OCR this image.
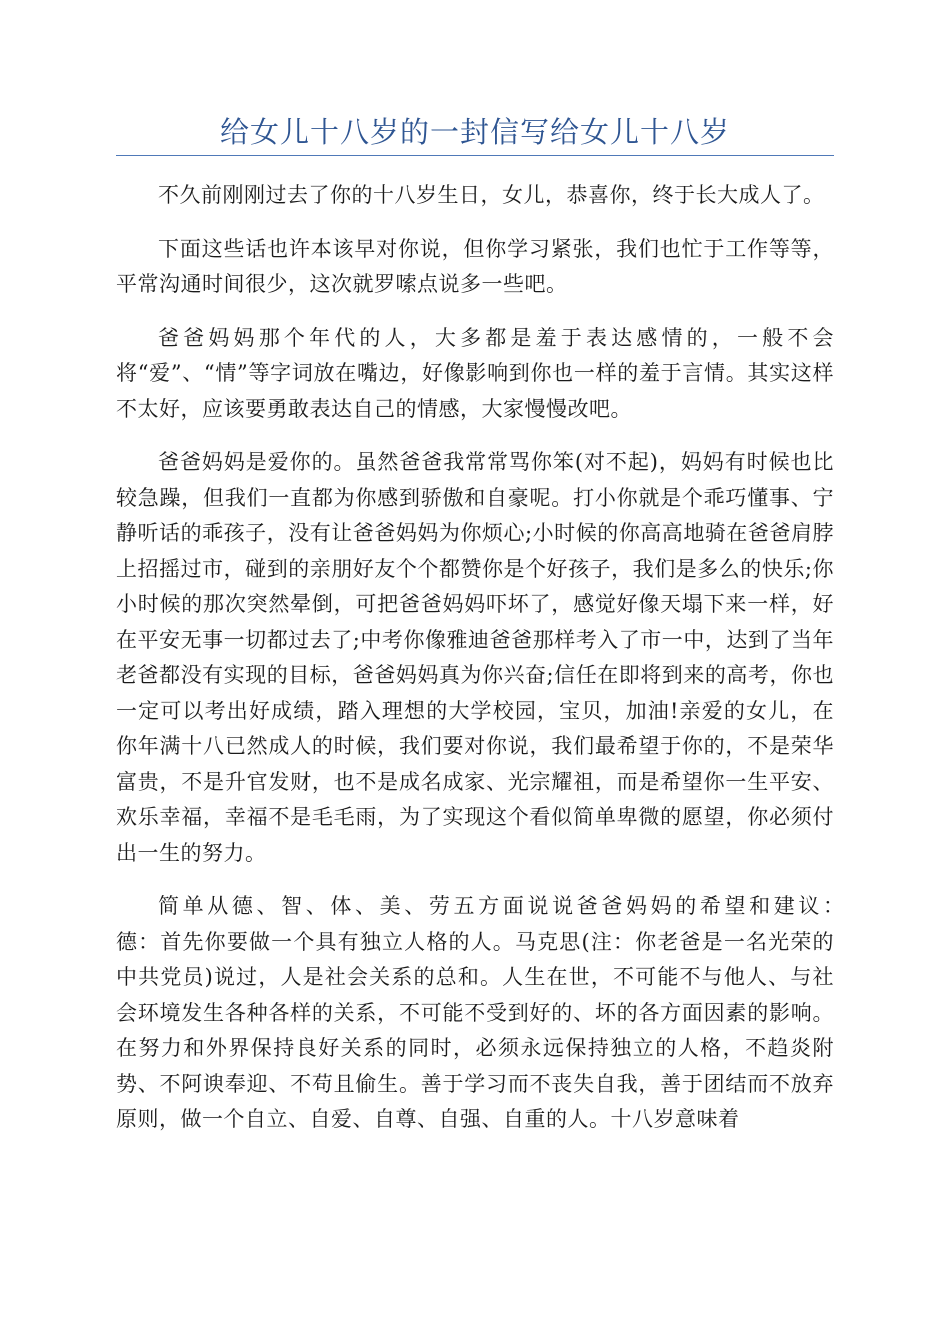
给女儿十八岁的一封信写给女儿十八岁

不久前刚刚过去了你的十八岁生日，女儿，恭喜你，终于长大成人了。

下面这些话也许本该早对你说，但你学习紧张，我们也忙于工作等等，平常沟通时间很少，这次就罗嗦点说多一些吧。

爸爸妈妈那个年代的人，大多都是羞于表达感情的，一般不会将“爱”、“情”等字词放在嘴边，好像影响到你也一样的羞于言情。其实这样不太好，应该要勇敢表达自己的情感，大家慢慢改吧。

爸爸妈妈是爱你的。虽然爸爸我常常骂你笨(对不起)，妈妈有时候也比较急躁，但我们一直都为你感到骄傲和自豪呢。打小你就是个乖巧懂事、宁静听话的乖孩子，没有让爸爸妈妈为你烦心;小时候的你高高地骑在爸爸肩脖上招摇过市，碰到的亲朋好友个个都赞你是个好孩子，我们是多么的快乐;你小时候的那次突然晕倒，可把爸爸妈妈吓坏了，感觉好像天塌下来一样，好在平安无事一切都过去了;中考你像雅迪爸爸那样考入了市一中，达到了当年老爸都没有实现的目标，爸爸妈妈真为你兴奋;信任在即将到来的高考，你也一定可以考出好成绩，踏入理想的大学校园，宝贝，加油!亲爱的女儿，在你年满十八已然成人的时候，我们要对你说，我们最希望于你的，不是荣华富贵，不是升官发财，也不是成名成家、光宗耀祖，而是希望你一生平安、欢乐幸福，幸福不是毛毛雨，为了实现这个看似简单卑微的愿望，你必须付出一生的努力。

简单从德、智、体、美、劳五方面说说爸爸妈妈的希望和建议：　　德：首先你要做一个具有独立人格的人。马克思(注：你老爸是一名光荣的中共党员)说过，人是社会关系的总和。人生在世，不可能不与他人、与社会环境发生各种各样的关系，不可能不受到好的、坏的各方面因素的影响。在努力和外界保持良好关系的同时，必须永远保持独立的人格，不趋炎附势、不阿谀奉迎、不苟且偷生。善于学习而不丧失自我，善于团结而不放弃原则，做一个自立、自爱、自尊、自强、自重的人。十八岁意味着
